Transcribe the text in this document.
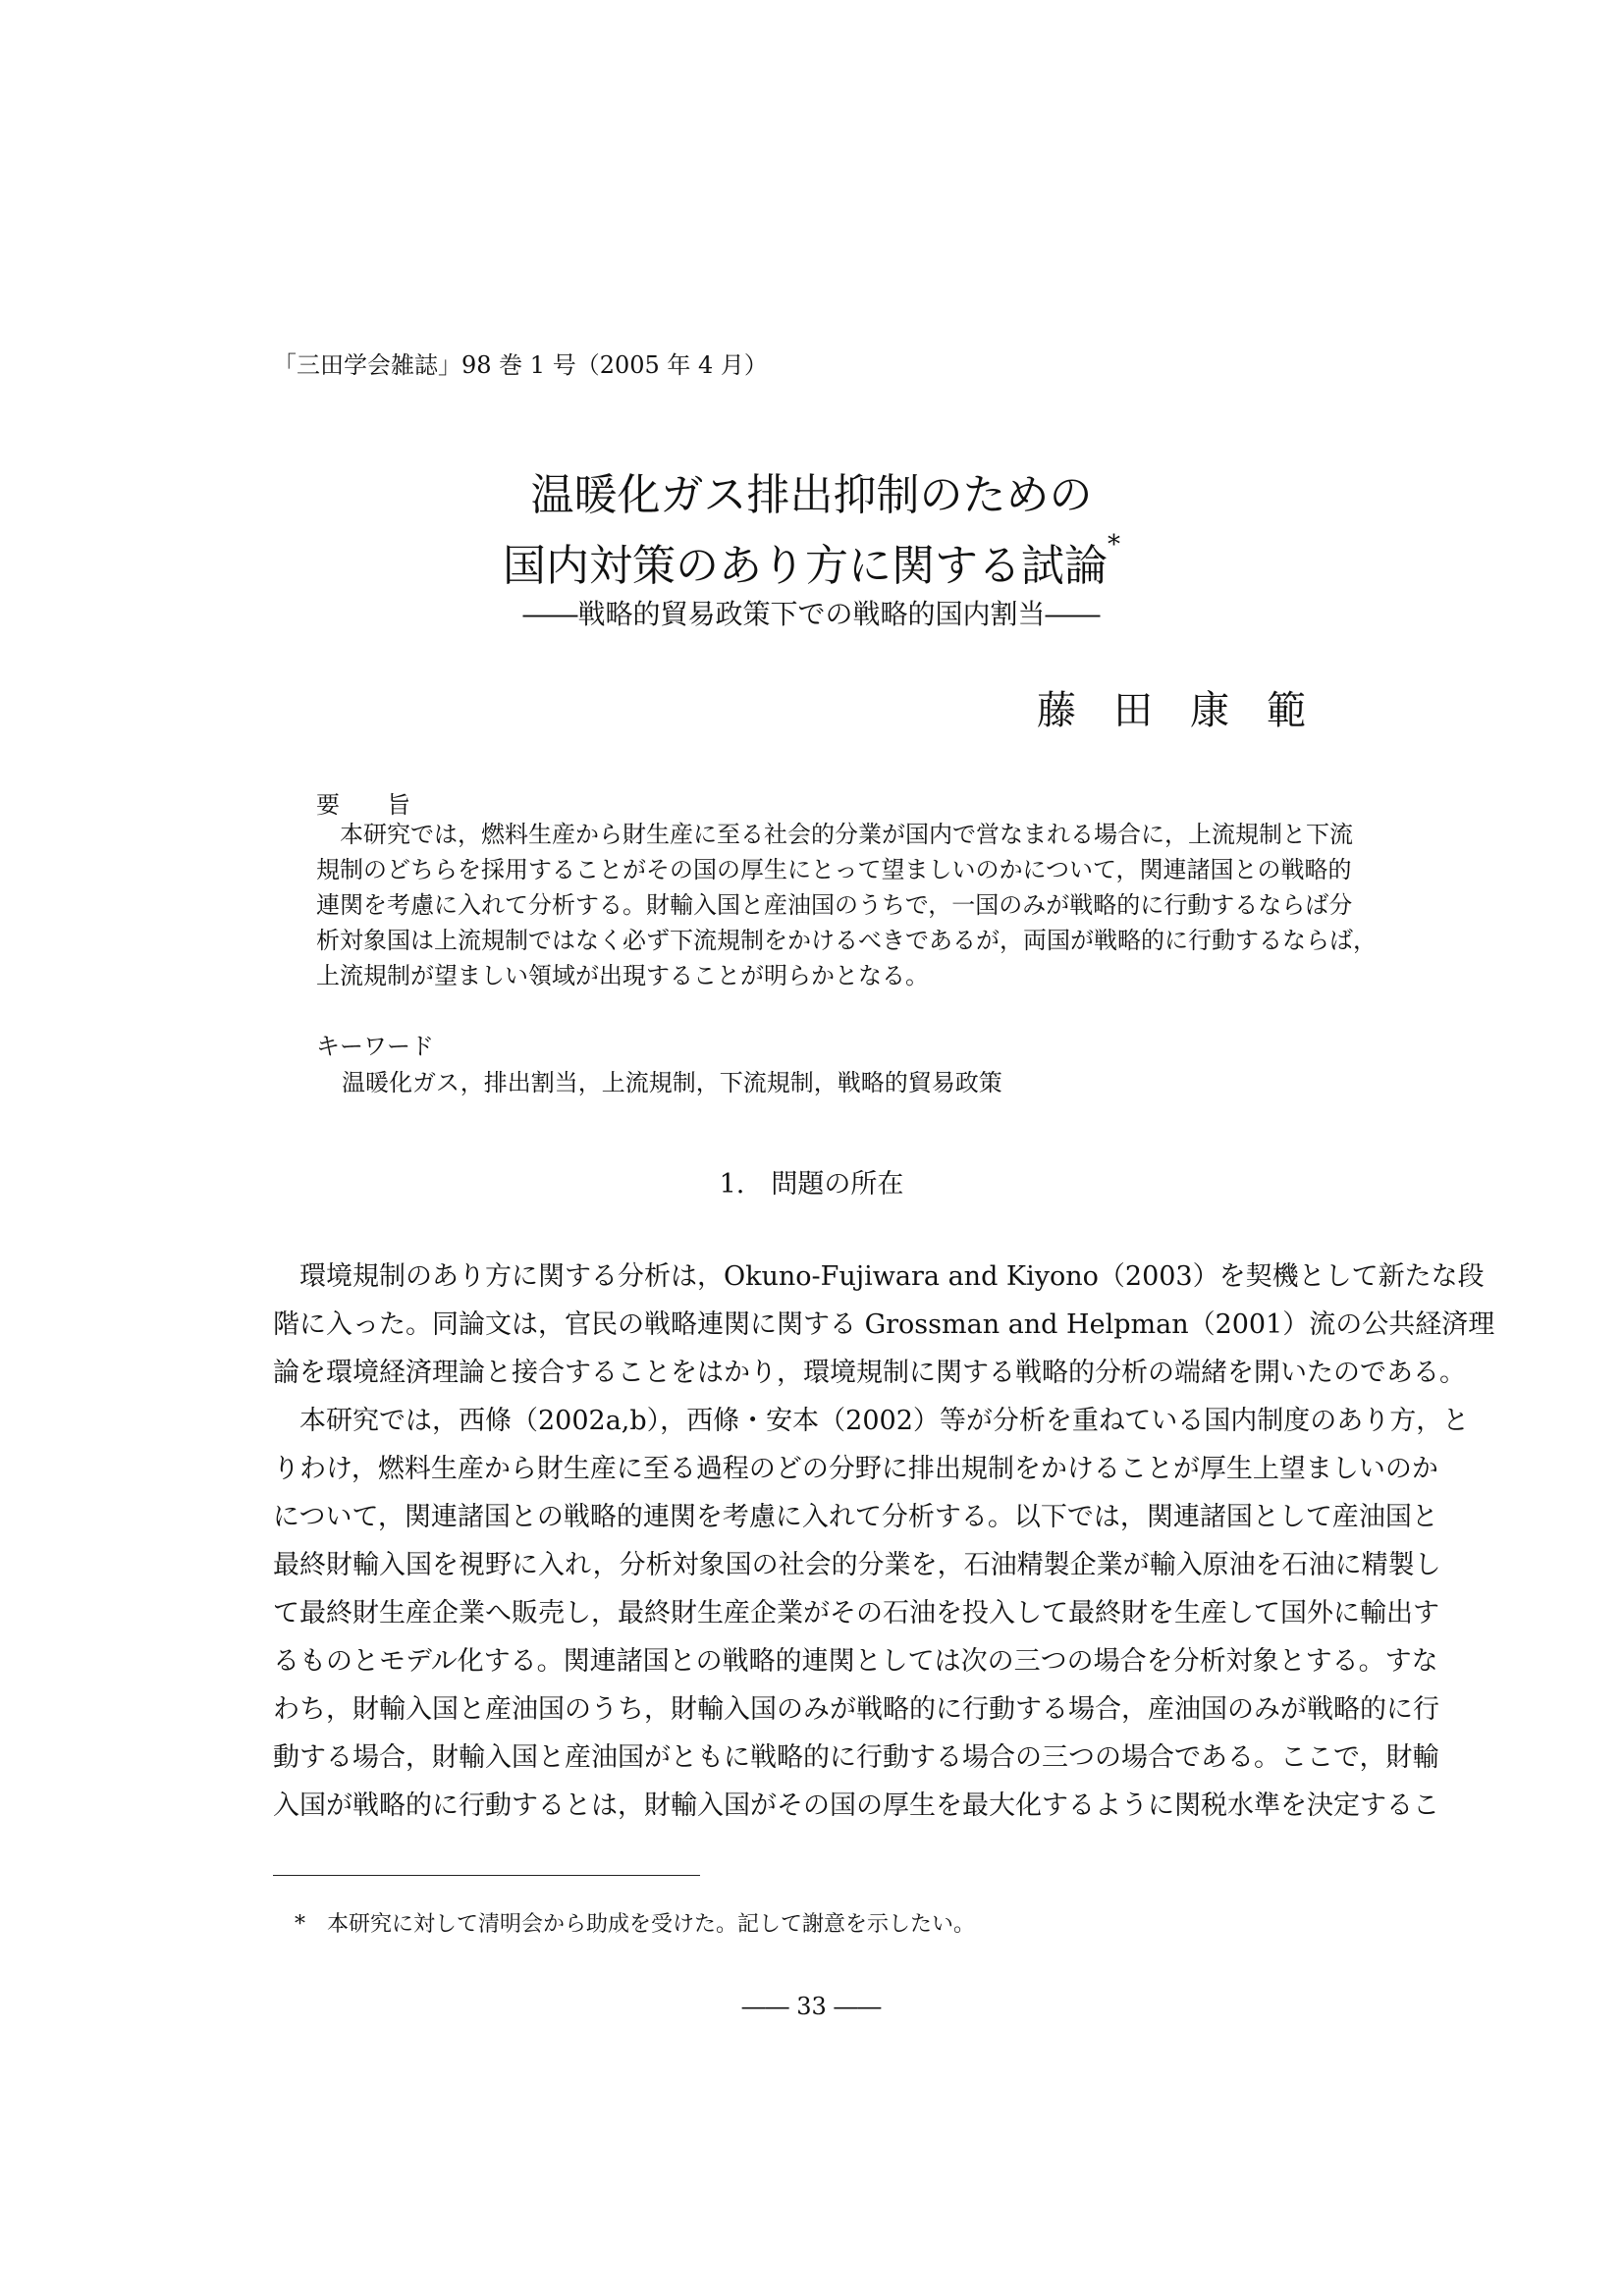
「三田学会雑誌」98 巻 1 号（2005 年 4 月）
温暖化ガス排出抑制のための
国内対策のあり方に関する試論*
――戦略的貿易政策下での戦略的国内割当――
藤田康範
要　　旨
本研究では，燃料生産から財生産に至る社会的分業が国内で営なまれる場合に，上流規制と下流
規制のどちらを採用することがその国の厚生にとって望ましいのかについて，関連諸国との戦略的
連関を考慮に入れて分析する。財輸入国と産油国のうちで，一国のみが戦略的に行動するならば分
析対象国は上流規制ではなく必ず下流規制をかけるべきであるが，両国が戦略的に行動するならば，
上流規制が望ましい領域が出現することが明らかとなる。
キーワード
温暖化ガス，排出割当，上流規制，下流規制，戦略的貿易政策
1.　問題の所在
環境規制のあり方に関する分析は，Okuno-Fujiwara and Kiyono（2003）を契機として新たな段
階に入った。同論文は，官民の戦略連関に関する Grossman and Helpman（2001）流の公共経済理
論を環境経済理論と接合することをはかり，環境規制に関する戦略的分析の端緒を開いたのである。
本研究では，西條（2002a,b），西條・安本（2002）等が分析を重ねている国内制度のあり方，と
りわけ，燃料生産から財生産に至る過程のどの分野に排出規制をかけることが厚生上望ましいのか
について，関連諸国との戦略的連関を考慮に入れて分析する。以下では，関連諸国として産油国と
最終財輸入国を視野に入れ，分析対象国の社会的分業を，石油精製企業が輸入原油を石油に精製し
て最終財生産企業へ販売し，最終財生産企業がその石油を投入して最終財を生産して国外に輸出す
るものとモデル化する。関連諸国との戦略的連関としては次の三つの場合を分析対象とする。すな
わち，財輸入国と産油国のうち，財輸入国のみが戦略的に行動する場合，産油国のみが戦略的に行
動する場合，財輸入国と産油国がともに戦略的に行動する場合の三つの場合である。ここで，財輸
入国が戦略的に行動するとは，財輸入国がその国の厚生を最大化するように関税水準を決定するこ
*　本研究に対して清明会から助成を受けた。記して謝意を示したい。
―― 33 ――
